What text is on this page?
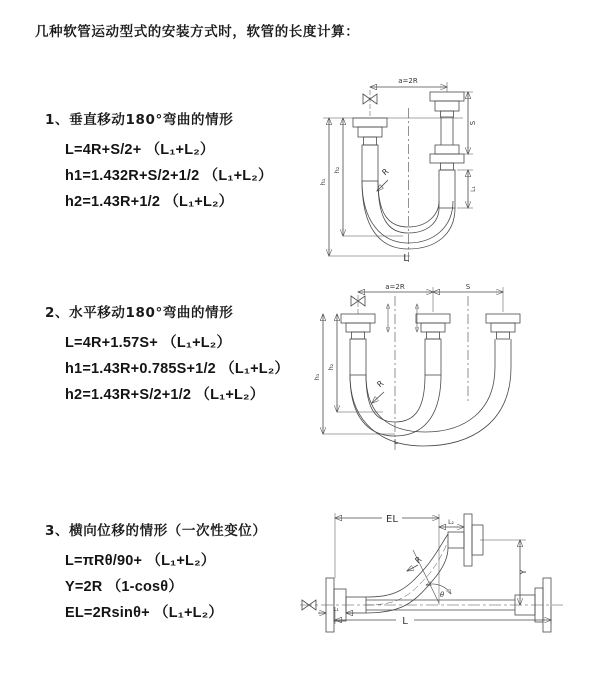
几种软管运动型式的安装方式时，软管的长度计算：
1、垂直移动180°弯曲的情形
L=4R+S/2+ （L₁+L₂）
h1=1.432R+S/2+1/2 （L₁+L₂）
h2=1.43R+1/2 （L₁+L₂）
2、水平移动180°弯曲的情形
L=4R+1.57S+ （L₁+L₂）
h1=1.43R+0.785S+1/2 （L₁+L₂）
h2=1.43R+S/2+1/2 （L₁+L₂）
3、横向位移的情形（一次性变位）
L=πRθ/90+ （L₁+L₂）
Y=2R （1-cosθ）
EL=2Rsinθ+ （L₁+L₂）
a=2R
S
L₁
h₁
h₂	R
L
a=2R	S
h₁
h₂
R
L
L₁
EL	L₂
Y
θ
R
L
